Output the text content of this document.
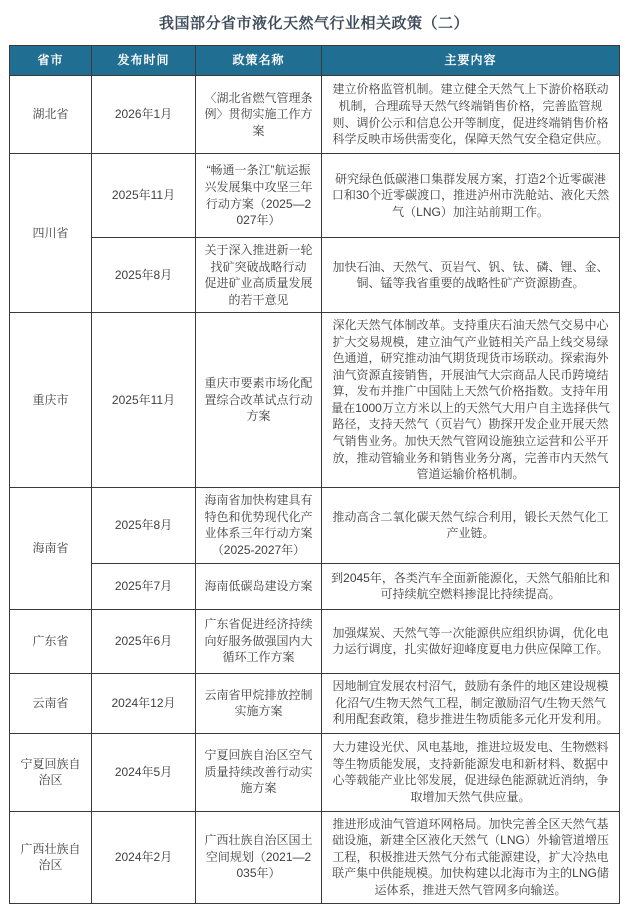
我国部分省市液化天然气行业相关政策（二）
省市	发布时间	政策名称	主要内容
湖北省	2026年1月	〈湖北省燃气管理条例〉贯彻实施工作方案	建立价格监管机制。建立健全天然气上下游价格联动机制，合理疏导天然气终端销售价格，完善监管规则、调价公示和信息公开等制度，促进终端销售价格科学反映市场供需变化，保障天然气安全稳定供应。
四川省	2025年11月	“畅通一条江”航运振兴发展集中攻坚三年行动方案（2025—2027年）	研究绿色低碳港口集群发展方案，打造2个近零碳港口和30个近零碳渡口，推进泸州市洗舱站、液化天然气（LNG）加注站前期工作。
	2025年8月	关于深入推进新一轮找矿突破战略行动 促进矿业高质量发展的若干意见	加快石油、天然气、页岩气、钒、钛、磷、锂、金、铜、锰等我省重要的战略性矿产资源勘查。
重庆市	2025年11月	重庆市要素市场化配置综合改革试点行动方案	深化天然气体制改革。支持重庆石油天然气交易中心扩大交易规模，建立油气产业链相关产品上线交易绿色通道，研究推动油气期货现货市场联动。探索海外油气资源直接销售，开展油气大宗商品人民币跨境结算，发布并推广中国陆上天然气价格指数。支持年用量在1000万立方米以上的天然气大用户自主选择供气路径，支持天然气（页岩气）勘探开发企业开展天然气销售业务。加快天然气管网设施独立运营和公平开放，推动管输业务和销售业务分离，完善市内天然气管道运输价格机制。
海南省	2025年8月	海南省加快构建具有特色和优势现代化产业体系三年行动方案（2025-2027年）	推动高含二氧化碳天然气综合利用，锻长天然气化工产业链。
	2025年7月	海南低碳岛建设方案	到2045年，各类汽车全面新能源化，天然气船舶比和可持续航空燃料掺混比持续提高。
广东省	2025年6月	广东省促进经济持续向好服务做强国内大循环工作方案	加强煤炭、天然气等一次能源供应组织协调，优化电力运行调度，扎实做好迎峰度夏电力供应保障工作。
云南省	2024年12月	云南省甲烷排放控制实施方案	因地制宜发展农村沼气，鼓励有条件的地区建设规模化沼气/生物天然气工程，制定激励沼气/生物天然气利用配套政策，稳步推进生物质能多元化开发利用。
宁夏回族自治区	2024年5月	宁夏回族自治区空气质量持续改善行动实施方案	大力建设光伏、风电基地，推进垃圾发电、生物燃料等生物质能发展，支持新能源发电和新材料、数据中心等载能产业比邻发展，促进绿色能源就近消纳，争取增加天然气供应量。
广西壮族自治区	2024年2月	广西壮族自治区国土空间规划（2021—2035年）	推进形成油气管道环网格局。加快完善全区天然气基础设施，新建全区液化天然气（LNG）外输管道增压工程，积极推进天然气分布式能源建设，扩大冷热电联产集中供能规模。加快构建以北海市为主的LNG储运体系，推进天然气管网多向输送。
